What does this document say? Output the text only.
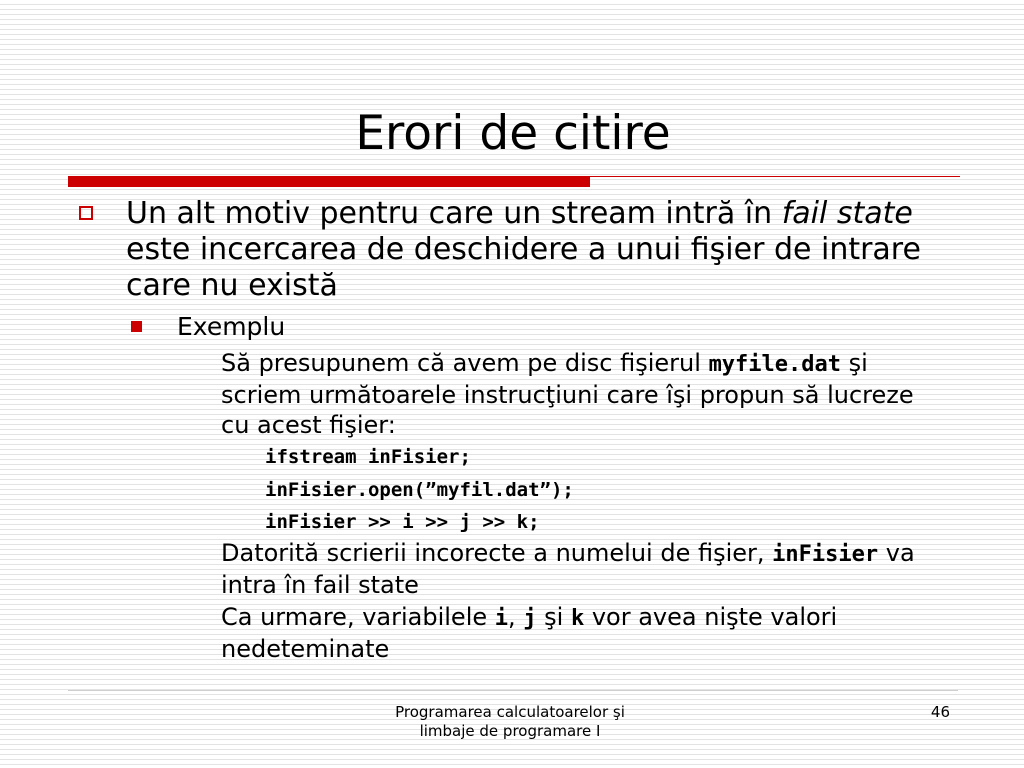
Erori de citire
Un alt motiv pentru care un stream intră în fail state este incercarea de deschidere a unui fişier de intrare care nu există
Exemplu
Să presupunem că avem pe disc fişierul myfile.dat şi scriem următoarele instrucţiuni care îşi propun să lucreze cu acest fişier:
ifstream inFisier;
inFisier.open(”myfil.dat”);
inFisier >> i >> j >> k;
Datorită scrierii incorecte a numelui de fişier, inFisier va intra în fail state
Ca urmare, variabilele i, j şi k vor avea nişte valori nedeteminate
Programarea calculatoarelor şi
limbaje de programare I
46
